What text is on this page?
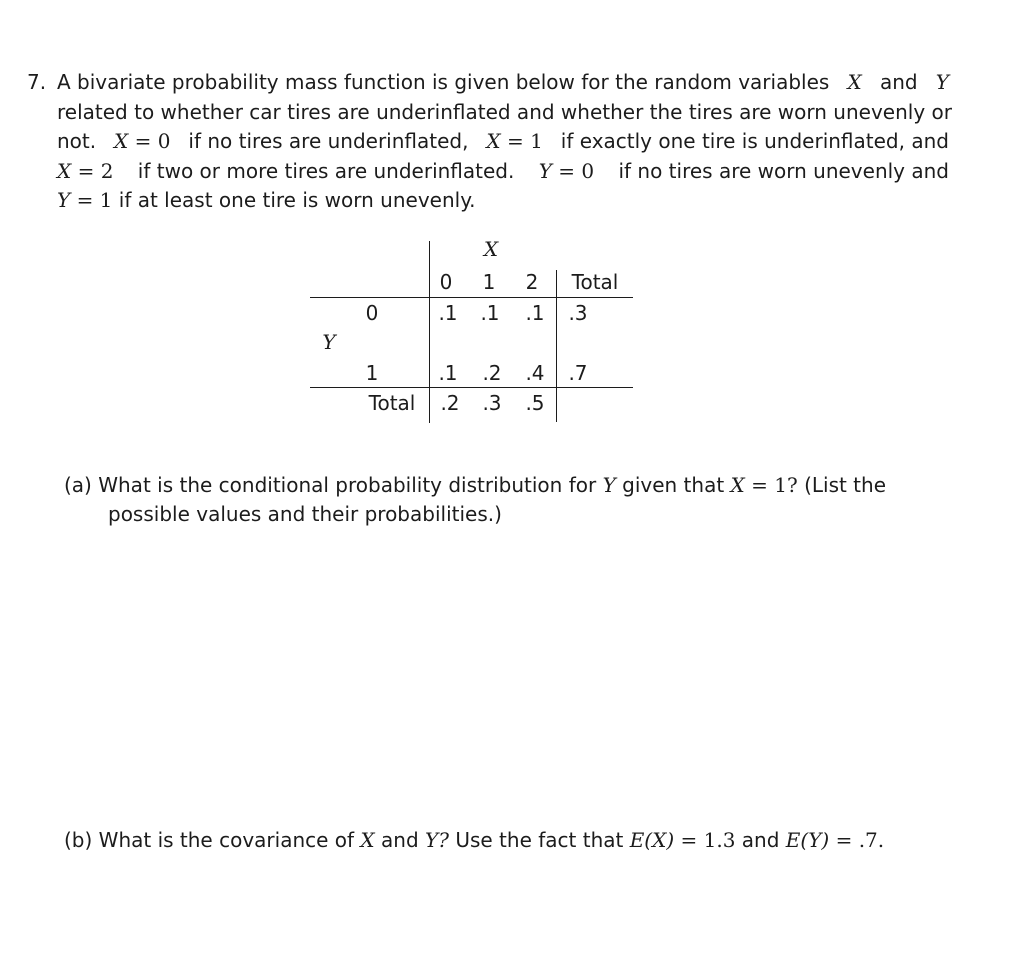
7. A bivariate probability mass function is given below for the random variables X and Y
related to whether car tires are underinflated and whether the tires are worn unevenly or
not. X = 0 if no tires are underinflated, X = 1 if exactly one tire is underinflated, and
X = 2 if two or more tires are underinflated. Y = 0 if no tires are worn unevenly and
Y = 1 if at least one tire is worn unevenly.
X
0 1 2 Total
0	.1 .1 .1 .3
Y
1	.1 .2 .4 .7
Total .2 .3 .5
(a) What is the conditional probability distribution for Y given that X = 1? (List the
possible values and their probabilities.)
(b) What is the covariance of X and Y? Use the fact that E(X) = 1.3 and E(Y) = .7.
